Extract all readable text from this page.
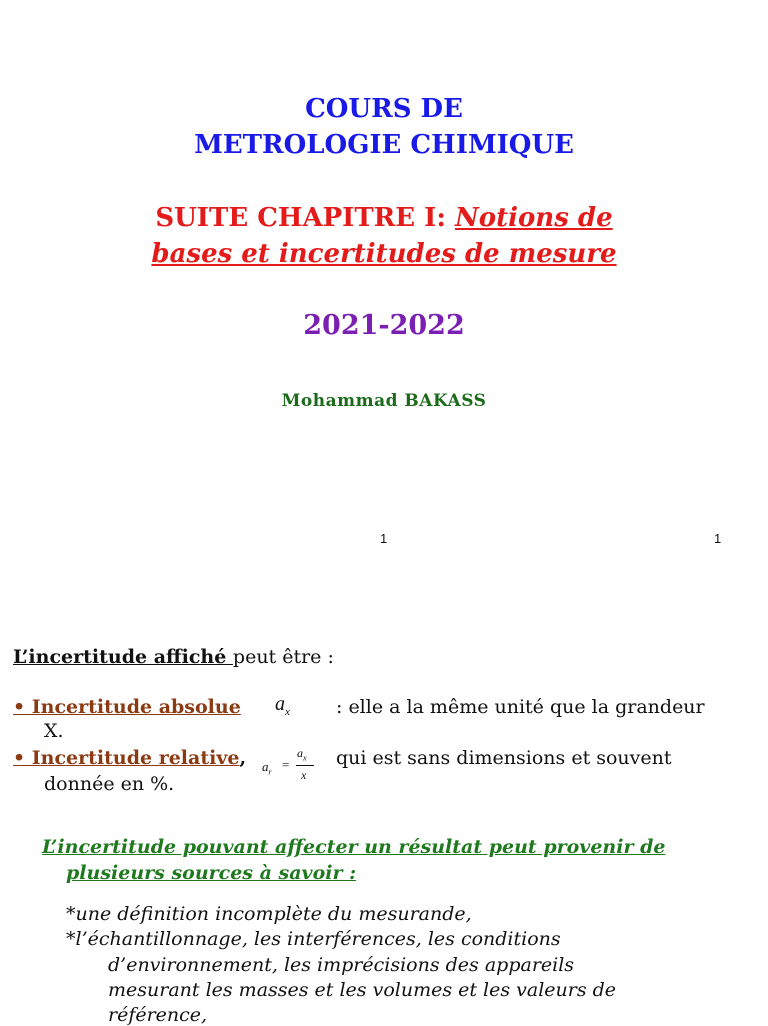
COURS DE
METROLOGIE CHIMIQUE
SUITE CHAPITRE I: Notions de
bases et incertitudes de mesure
2021-2022
Mohammad BAKASS
1	1
L’incertitude affiché peut être :
• Incertitude absolue $a_x$ : elle a la même unité que la grandeur
X.
• Incertitude relative, $a_r$
=
$a_x$
x
qui est sans dimensions et souvent
donnée en %.
L’incertitude pouvant affecter un résultat peut provenir de
plusieurs sources à savoir :
*une définition incomplète du mesurande,
*l’échantillonnage, les interférences, les conditions
d’environnement, les imprécisions des appareils
mesurant les masses et les volumes et les valeurs de
référence,
